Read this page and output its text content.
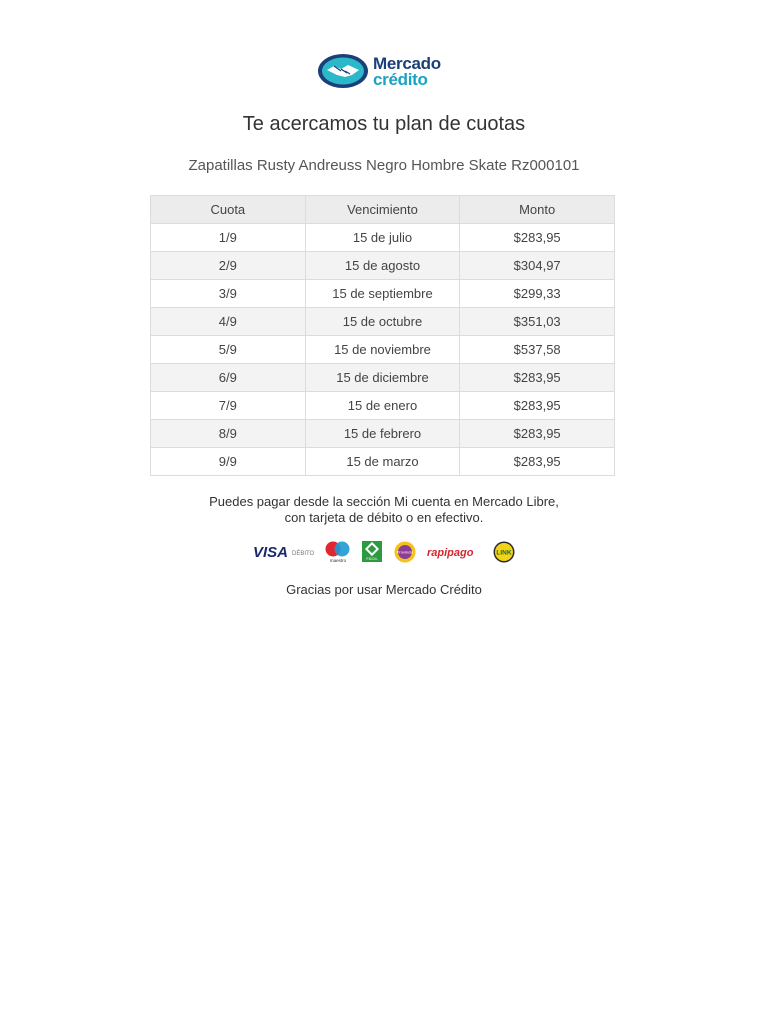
Mercado
crédito
Te acercamos tu plan de cuotas
Zapatillas Rusty Andreuss Negro Hombre Skate Rz000101
Cuota	Vencimiento	Monto
1/9	15 de julio	$283,95
2/9	15 de agosto	$304,97
3/9	15 de septiembre	$299,33
4/9	15 de octubre	$351,03
5/9	15 de noviembre	$537,58
6/9	15 de diciembre	$283,95
7/9	15 de enero	$283,95
8/9	15 de febrero	$283,95
9/9	15 de marzo	$283,95
Puedes pagar desde la sección Mi cuenta en Mercado Libre,
con tarjeta de débito o en efectivo.
VISA DÉBITO
maestro	FÁCIL
Provincia rapipago	LINK
Gracias por usar Mercado Crédito
